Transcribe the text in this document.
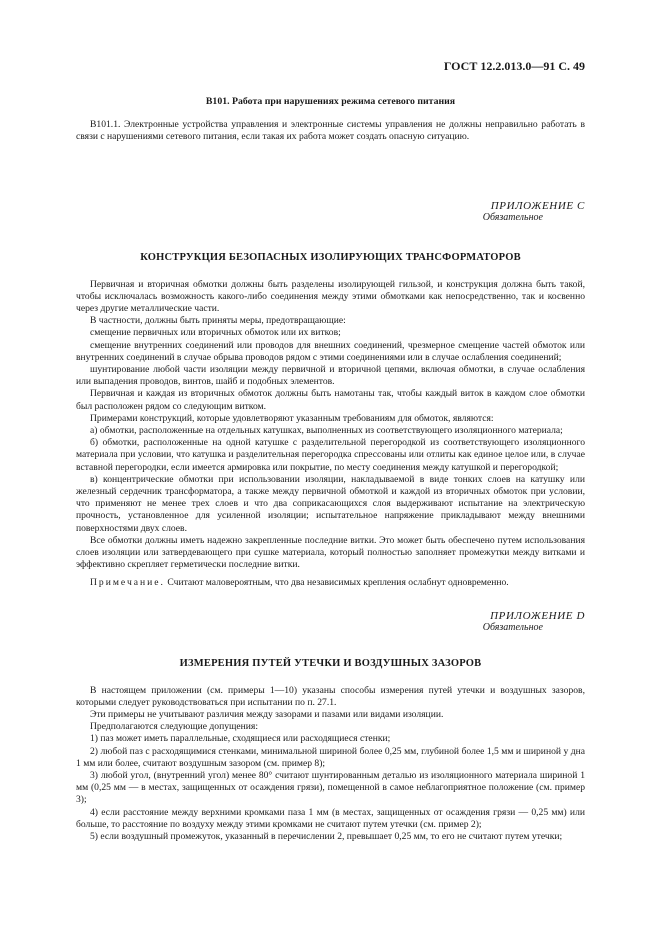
ГОСТ 12.2.013.0—91 С. 49
В101. Работа при нарушениях режима сетевого питания

В101.1. Электронные устройства управления и электронные системы управления не должны неправильно работать в связи с нарушениями сетевого питания, если такая их работа может создать опасную ситуацию.

ПРИЛОЖЕНИЕ С
Обязательное
КОНСТРУКЦИЯ БЕЗОПАСНЫХ ИЗОЛИРУЮЩИХ ТРАНСФОРМАТОРОВ

Первичная и вторичная обмотки должны быть разделены изолирующей гильзой, и конструкция должна быть такой, чтобы исключалась возможность какого-либо соединения между этими обмотками как непосредственно, так и косвенно через другие металлические части.

В частности, должны быть приняты меры, предотвращающие:

смещение первичных или вторичных обмоток или их витков;

смещение внутренних соединений или проводов для внешних соединений, чрезмерное смещение частей обмоток или внутренних соединений в случае обрыва проводов рядом с этими соединениями или в случае ослабления соединений;

шунтирование любой части изоляции между первичной и вторичной цепями, включая обмотки, в случае ослабления или выпадения проводов, винтов, шайб и подобных элементов.

Первичная и каждая из вторичных обмоток должны быть намотаны так, чтобы каждый виток в каждом слое обмотки был расположен рядом со следующим витком.

Примерами конструкций, которые удовлетворяют указанным требованиям для обмоток, являются:

а) обмотки, расположенные на отдельных катушках, выполненных из соответствующего изоляционного материала;

б) обмотки, расположенные на одной катушке с разделительной перегородкой из соответствующего изоляционного материала при условии, что катушка и разделительная перегородка спрессованы или отлиты как единое целое или, в случае вставной перегородки, если имеется армировка или покрытие, по месту соединения между катушкой и перегородкой;

в) концентрические обмотки при использовании изоляции, накладываемой в виде тонких слоев на катушку или железный сердечник трансформатора, а также между первичной обмоткой и каждой из вторичных обмоток при условии, что применяют не менее трех слоев и что два соприкасающихся слоя выдерживают испытание на электрическую прочность, установленное для усиленной изоляции; испытательное напряжение прикладывают между внешними поверхностями двух слоев.

Все обмотки должны иметь надежно закрепленные последние витки. Это может быть обеспечено путем использования слоев изоляции или затвердевающего при сушке материала, который полностью заполняет промежутки между витками и эффективно скрепляет герметически последние витки.

Примечание. Считают маловероятным, что два независимых крепления ослабнут одновременно.

ПРИЛОЖЕНИЕ D
Обязательное
ИЗМЕРЕНИЯ ПУТЕЙ УТЕЧКИ И ВОЗДУШНЫХ ЗАЗОРОВ

В настоящем приложении (см. примеры 1—10) указаны способы измерения путей утечки и воздушных зазоров, которыми следует руководствоваться при испытании по п. 27.1.

Эти примеры не учитывают различия между зазорами и пазами или видами изоляции.

Предполагаются следующие допущения:

1) паз может иметь параллельные, сходящиеся или расходящиеся стенки;

2) любой паз с расходящимися стенками, минимальной шириной более 0,25 мм, глубиной более 1,5 мм и шириной у дна 1 мм или более, считают воздушным зазором (см. пример 8);

3) любой угол, (внутренний угол) менее 80° считают шунтированным деталью из изоляционного материала шириной 1 мм (0,25 мм — в местах, защищенных от осаждения грязи), помещенной в самое неблагоприятное положение (см. пример 3);

4) если расстояние между верхними кромками паза 1 мм (в местах, защищенных от осаждения грязи — 0,25 мм) или больше, то расстояние по воздуху между этими кромками не считают путем утечки (см. пример 2);

5) если воздушный промежуток, указанный в перечислении 2, превышает 0,25 мм, то его не считают путем утечки;
